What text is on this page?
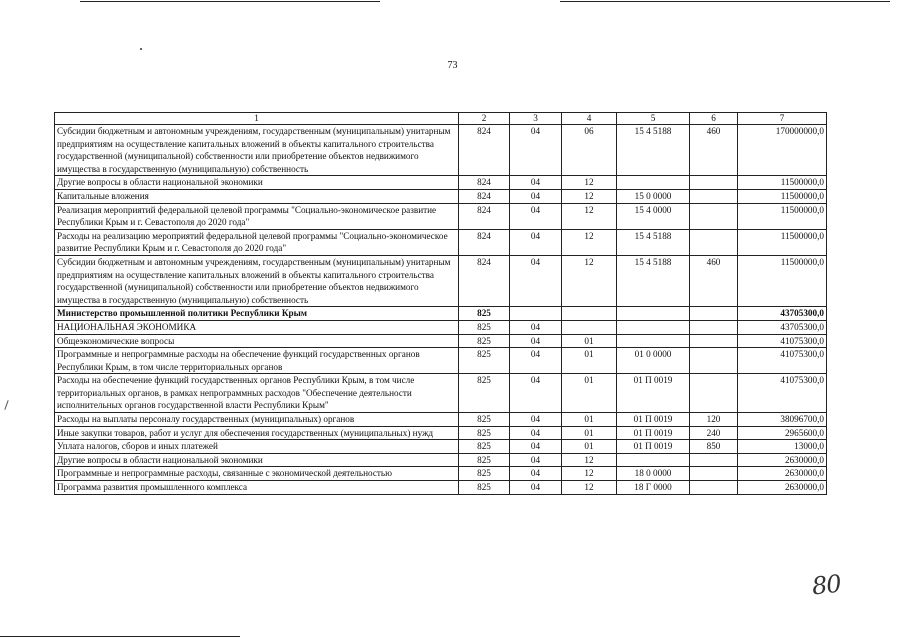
73
1	2	3	4	5	6	7
Субсидии бюджетным и автономным учреждениям, государственным (муниципальным) унитарным предприятиям на осуществление капитальных вложений в объекты капитального строительства государственной (муниципальной) собственности или приобретение объектов недвижимого имущества в государственную (муниципальную) собственность	824	04	06	15 4 5188	460	170000000,0
Другие вопросы в области национальной экономики	824	04	12			11500000,0
Капитальные вложения	824	04	12	15 0 0000		11500000,0
Реализация мероприятий федеральной целевой программы "Социально-экономическое развитие Республики Крым и г. Севастополя до 2020 года"	824	04	12	15 4 0000		11500000,0
Расходы на реализацию мероприятий федеральной целевой программы "Социально-экономическое развитие Республики Крым и г. Севастополя до 2020 года"	824	04	12	15 4 5188		11500000,0
Субсидии бюджетным и автономным учреждениям, государственным (муниципальным) унитарным предприятиям на осуществление капитальных вложений в объекты капитального строительства государственной (муниципальной) собственности или приобретение объектов недвижимого имущества в государственную (муниципальную) собственность	824	04	12	15 4 5188	460	11500000,0
Министерство промышленной политики Республики Крым	825					43705300,0
НАЦИОНАЛЬНАЯ ЭКОНОМИКА	825	04				43705300,0
Общеэкономические вопросы	825	04	01			41075300,0
Программные и непрограммные расходы на обеспечение функций государственных органов Республики Крым, в том числе территориальных органов	825	04	01	01 0 0000		41075300,0
Расходы на обеспечение функций государственных органов Республики Крым, в том числе территориальных органов, в рамках непрограммных расходов "Обеспечение деятельности исполнительных органов государственной власти Республики Крым"	825	04	01	01 П 0019		41075300,0
Расходы на выплаты персоналу государственных (муниципальных) органов	825	04	01	01 П 0019	120	38096700,0
Иные закупки товаров, работ и услуг для обеспечения государственных (муниципальных) нужд	825	04	01	01 П 0019	240	2965600,0
Уплата налогов, сборов и иных платежей	825	04	01	01 П 0019	850	13000,0
Другие вопросы в области национальной экономики	825	04	12			2630000,0
Программные и непрограммные расходы, связанные с экономической деятельностью	825	04	12	18 0 0000		2630000,0
Программа развития промышленного комплекса	825	04	12	18 Г 0000		2630000,0
80
